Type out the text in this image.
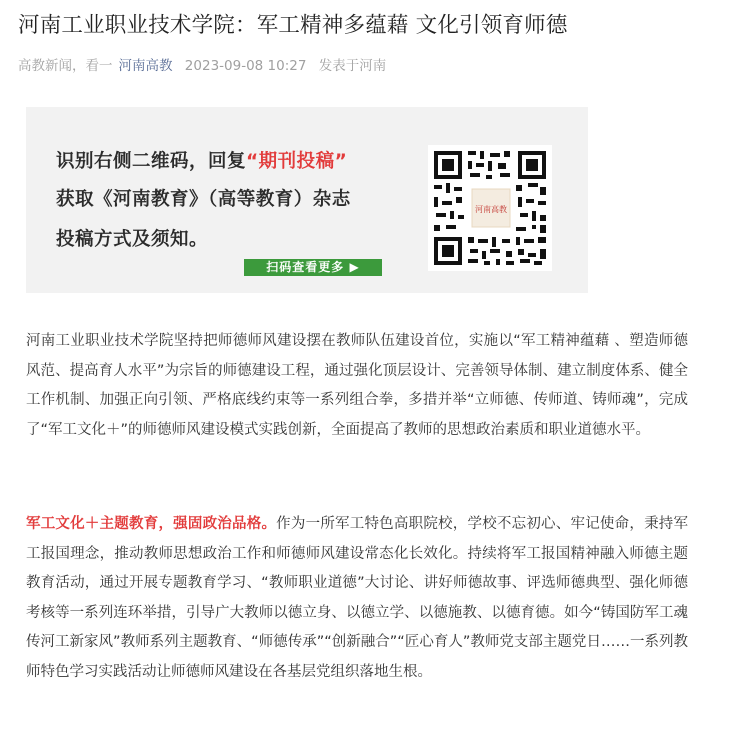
河南工业职业技术学院：军工精神多蕴藉 文化引领育师德
高教新闻，看一 河南高教 2023-09-08 10:27 发表于河南
识别右侧二维码，回复“期刊投稿”
获取《河南教育》（高等教育）杂志
投稿方式及须知。
扫码查看更多 ▶
河南高教
河南工业职业技术学院坚持把师德师风建设摆在教师队伍建设首位，实施以“军工精神蕴藉 、塑造师德风范、提高育人水平”为宗旨的师德建设工程，通过强化顶层设计、完善领导体制、建立制度体系、健全工作机制、加强正向引领、严格底线约束等一系列组合拳，多措并举“立师德、传师道、铸师魂”，完成了“军工文化＋”的师德师风建设模式实践创新，全面提高了教师的思想政治素质和职业道德水平。
军工文化＋主题教育，强固政治品格。作为一所军工特色高职院校，学校不忘初心、牢记使命，秉持军工报国理念，推动教师思想政治工作和师德师风建设常态化长效化。持续将军工报国精神融入师德主题教育活动，通过开展专题教育学习、“教师职业道德”大讨论、讲好师德故事、评选师德典型、强化师德考核等一系列连环举措，引导广大教师以德立身、以德立学、以德施教、以德育德。如今“铸国防军工魂 传河工新家风”教师系列主题教育、“师德传承”“创新融合”“匠心育人”教师党支部主题党日……一系列教师特色学习实践活动让师德师风建设在各基层党组织落地生根。
